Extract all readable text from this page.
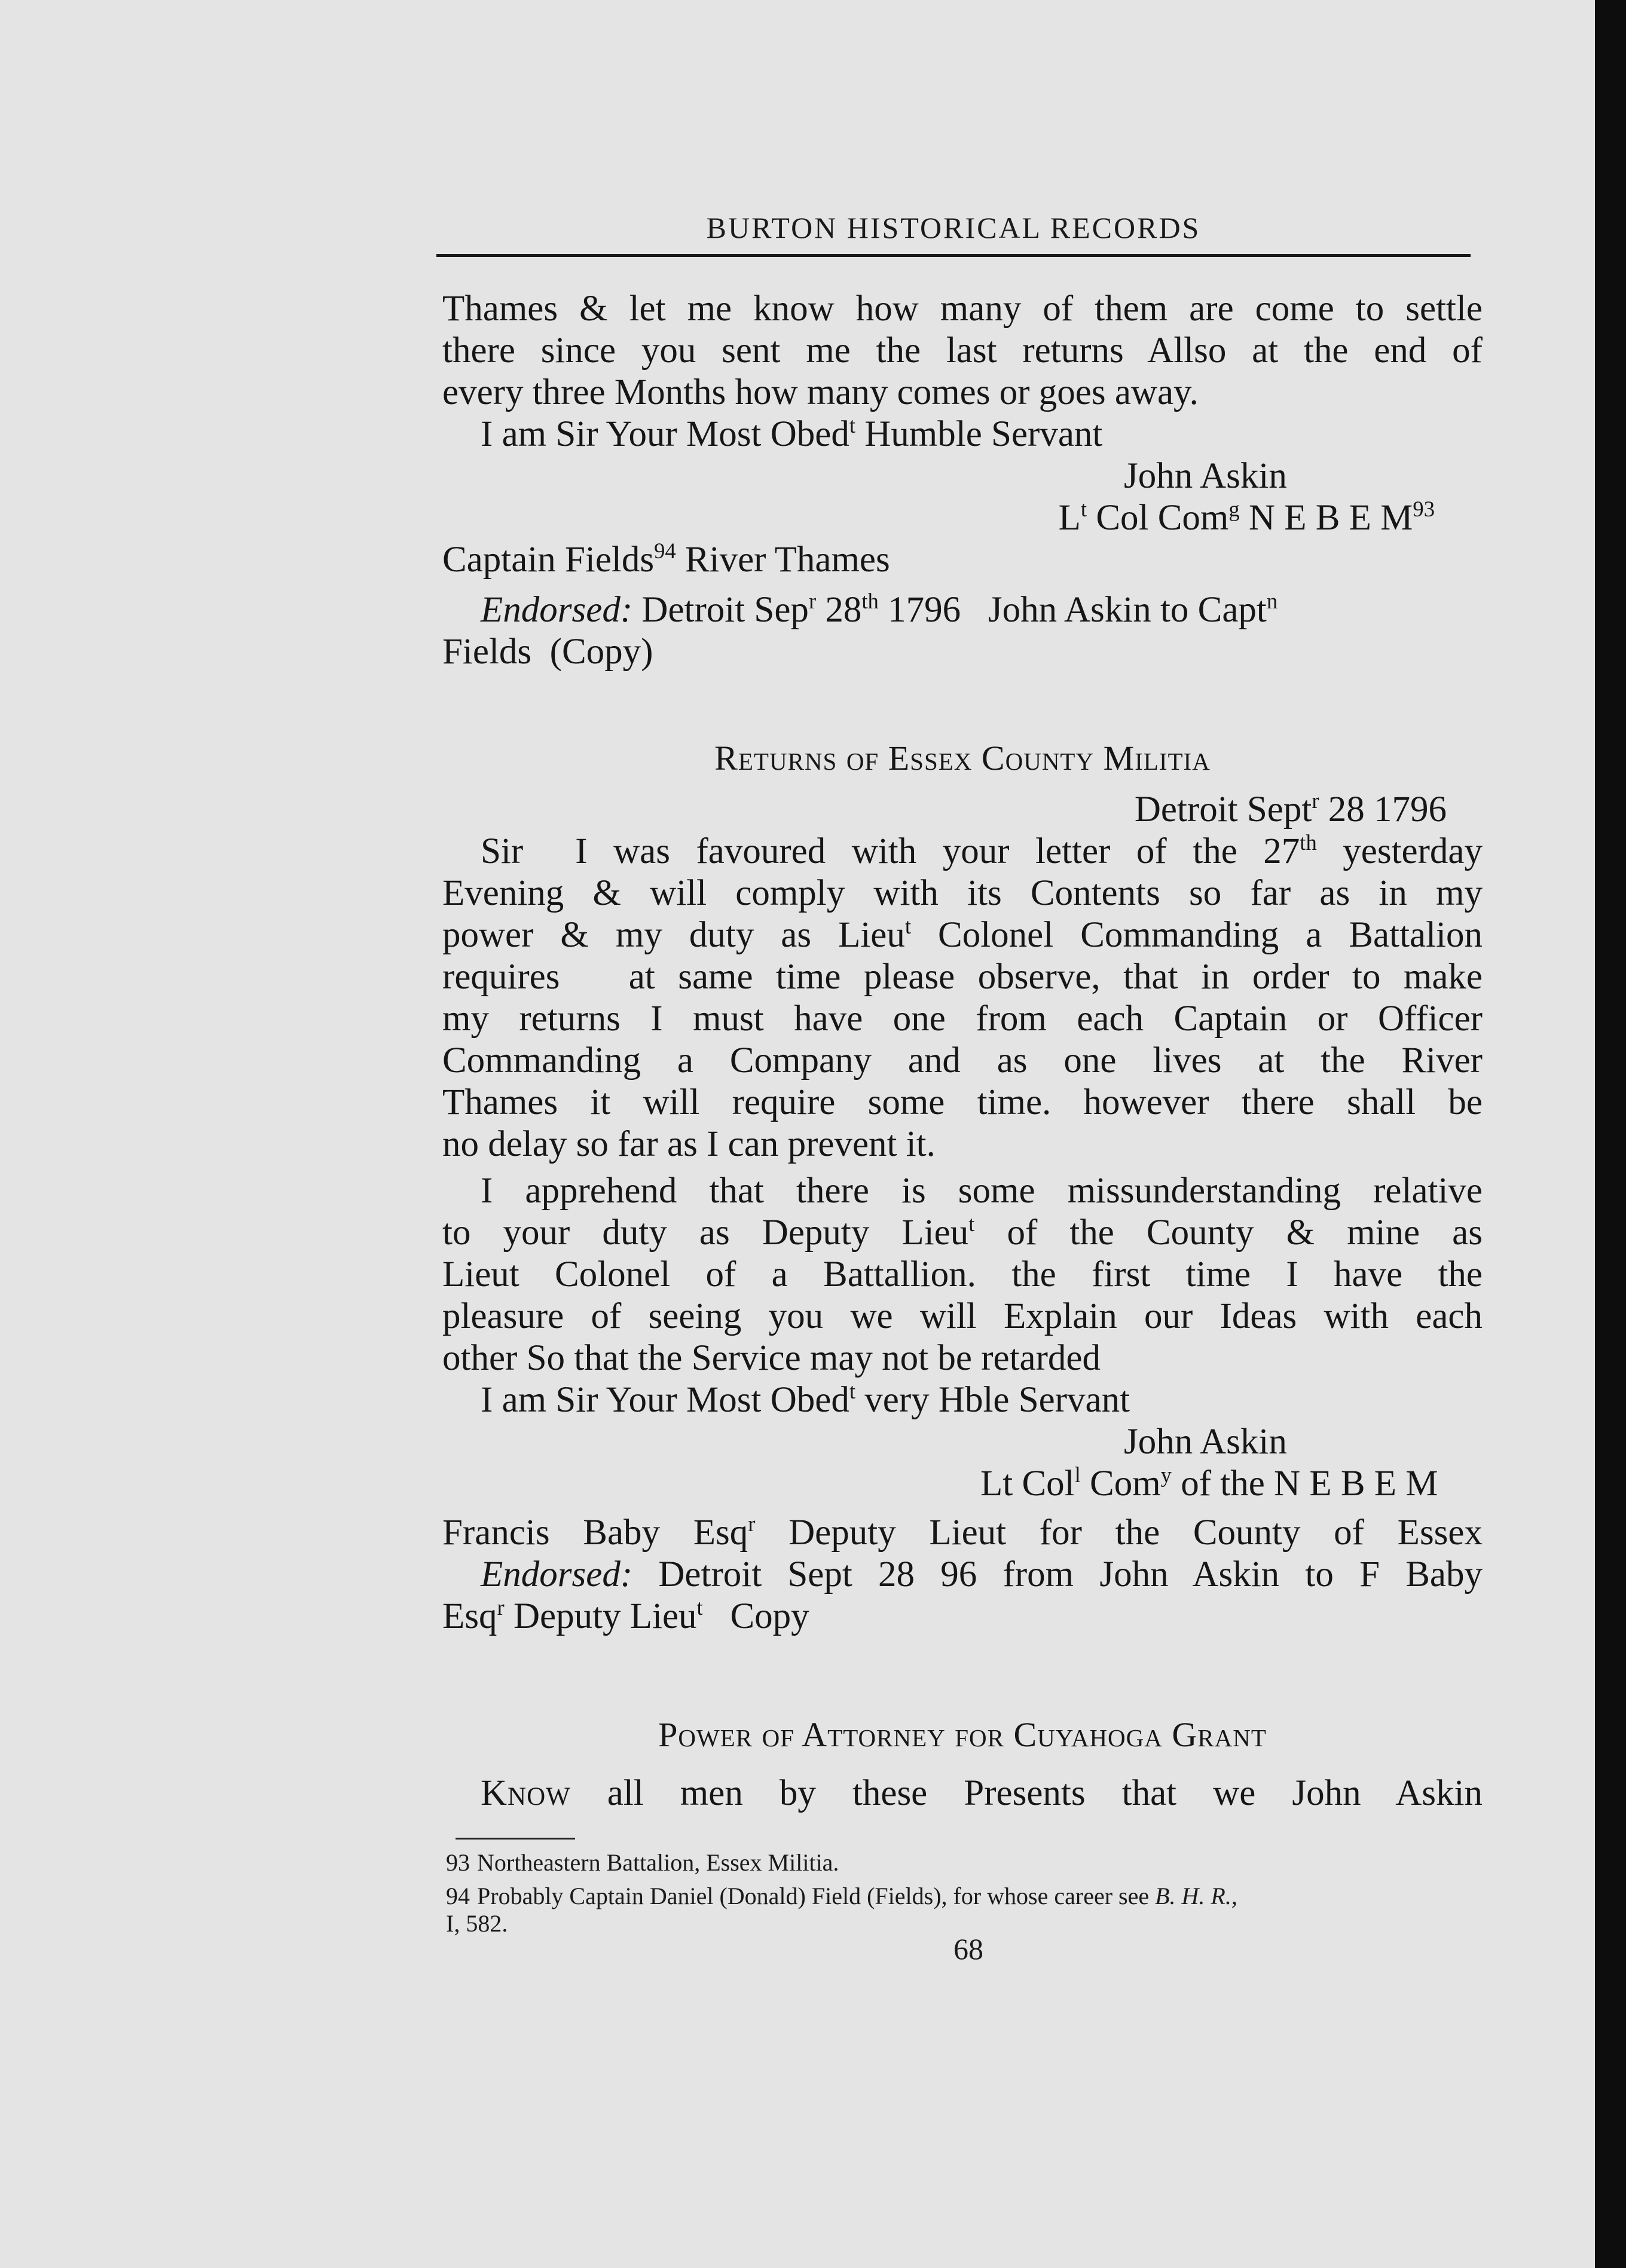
BURTON HISTORICAL RECORDS
Thames & let me know how many of them are come to settle
there since you sent me the last returns Allso at the end of
every three Months how many comes or goes away.
I am Sir Your Most Obed$^t$ Humble Servant
John Askin
$L^t$ Col Com$^g$ N E B E $M^{93}$
Captain Fields$^{94}$ River Thames
Endorsed: Detroit Sep$^r$ 28th 1796   John Askin to Capt$^n$
Fields  (Copy)
Returns of Essex County Militia
Detroit Sept$^r$ 28 1796
Sir  I was favoured with your letter of the 27th yesterday
Evening & will comply with its Contents so far as in my
power & my duty as Lieu$^t$ Colonel Commanding a Battalion
requires   at same time please observe, that in order to make
my returns I must have one from each Captain or Officer
Commanding a Company and as one lives at the River
Thames it will require some time. however there shall be
no delay so far as I can prevent it.
I apprehend that there is some missunderstanding relative
to your duty as Deputy Lieu$^t$ of the County & mine as
Lieut Colonel of a Battallion. the first time I have the
pleasure of seeing you we will Explain our Ideas with each
other So that the Service may not be retarded
I am Sir Your Most Obed$^t$ very Hble Servant
John Askin
Lt Col$^l$ Com$^y$ of the N E B E M
Francis Baby Esq$^r$ Deputy Lieut for the County of Essex
Endorsed: Detroit Sept 28 96 from John Askin to F Baby
Esq$^r$ Deputy Lieu$^t$   Copy
Power of Attorney for Cuyahoga Grant
Know all men by these Presents that we John Askin
93 Northeastern Battalion, Essex Militia.
94 Probably Captain Daniel (Donald) Field (Fields), for whose career see B. H. R.,
I, 582.
68
